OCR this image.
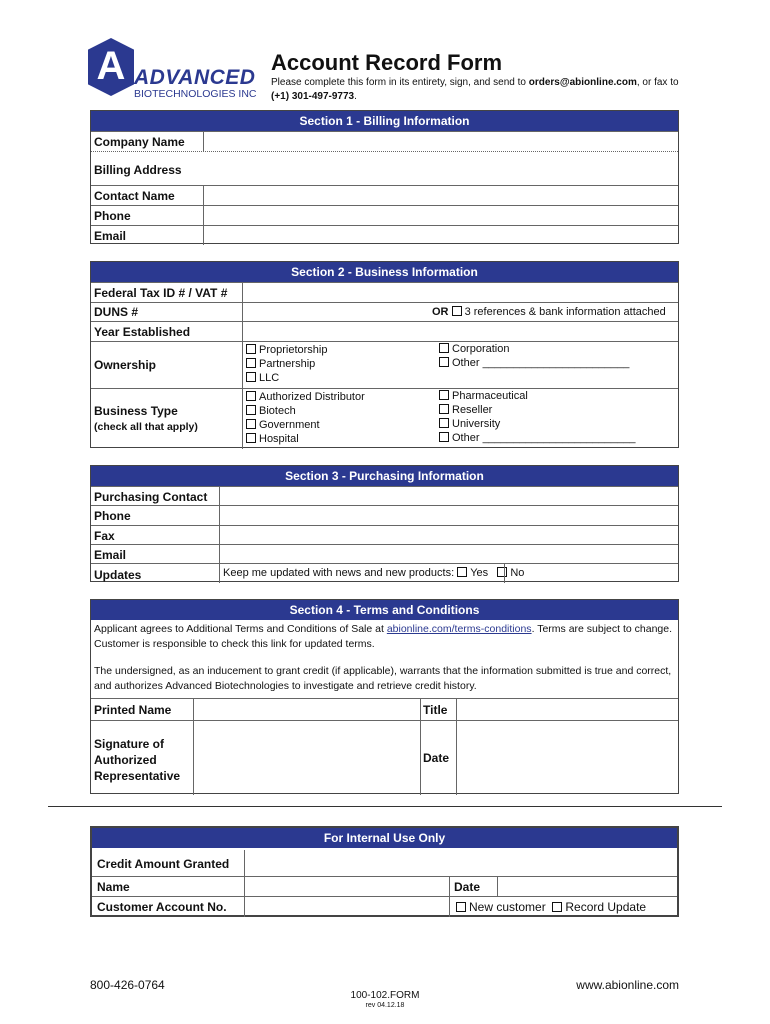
A ADVANCED
BIOTECHNOLOGIES INC
Account Record Form
Please complete this form in its entirety, sign, and send to orders@abionline.com, or fax to (+1) 301-497-9773.
Section 1 - Billing Information
Company Name
Billing Address
Contact Name
Phone
Email
Section 2 - Business Information
Federal Tax ID # / VAT #
DUNS #	OR 3 references & bank information attached
Year Established
Ownership
Proprietorship
Partnership
LLC
Corporation
Other ________________________
Business Type
(check all that apply)
Authorized Distributor
Biotech
Government
Hospital
Pharmaceutical
Reseller
University
Other _________________________
Section 3 - Purchasing Information
Purchasing Contact
Phone
Fax
Email
Updates	Keep me updated with news and new products: Yes No
Section 4 - Terms and Conditions
Applicant agrees to Additional Terms and Conditions of Sale at abionline.com/terms-conditions. Terms are subject to change. Customer is responsible to check this link for updated terms.
The undersigned, as an inducement to grant credit (if applicable), warrants that the information submitted is true and correct, and authorizes Advanced Biotechnologies to investigate and retrieve credit history.
Printed Name	Title
Signature of Authorized Representative
Date
For Internal Use Only
Credit Amount Granted
Name	Date
Customer Account No.	New customer Record Update
800-426-0764
100-102.FORM
rev 04.12.18
www.abionline.com
